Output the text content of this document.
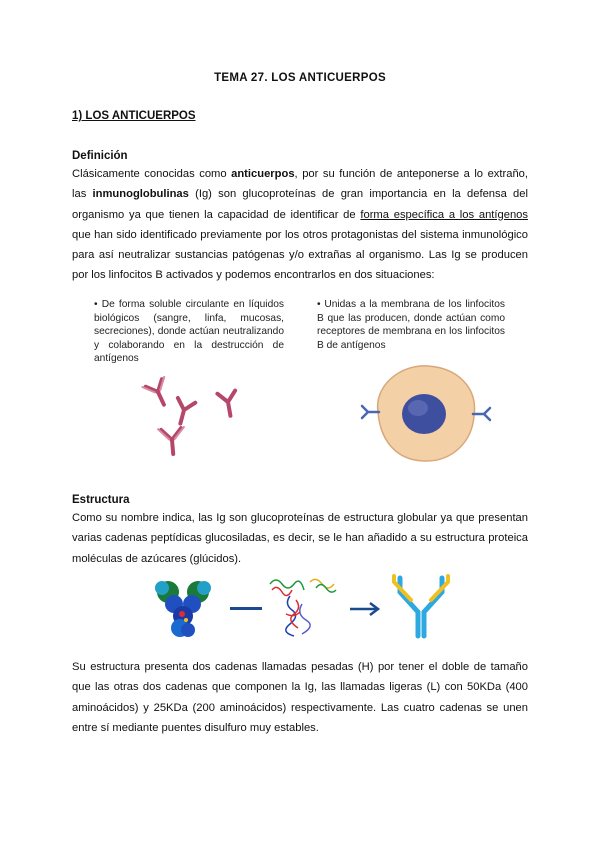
TEMA 27. LOS ANTICUERPOS
1) LOS ANTICUERPOS
Definición
Clásicamente conocidas como anticuerpos, por su función de anteponerse a lo extraño, las inmunoglobulinas (Ig) son glucoproteínas de gran importancia en la defensa del organismo ya que tienen la capacidad de identificar de forma específica a los antígenos que han sido identificado previamente por los otros protagonistas del sistema inmunológico para así neutralizar sustancias patógenas y/o extrañas al organismo. Las Ig se producen por los linfocitos B activados y podemos encontrarlos en dos situaciones:
• De forma soluble circulante en líquidos biológicos (sangre, linfa, mucosas, secreciones), donde actúan neutralizando y colaborando en la destrucción de antígenos
• Unidas a la membrana de los linfocitos B que las producen, donde actúan como receptores de membrana en los linfocitos B de antígenos
Estructura
Como su nombre indica, las Ig son glucoproteínas de estructura globular ya que presentan varias cadenas peptídicas glucosiladas, es decir, se le han añadido a su estructura proteica moléculas de azúcares (glúcidos).
Su estructura presenta dos cadenas llamadas pesadas (H) por tener el doble de tamaño que las otras dos cadenas que componen la Ig, las llamadas ligeras (L) con 50KDa (400 aminoácidos) y 25KDa (200 aminoácidos) respectivamente. Las cuatro cadenas se unen entre sí mediante puentes disulfuro muy estables.
